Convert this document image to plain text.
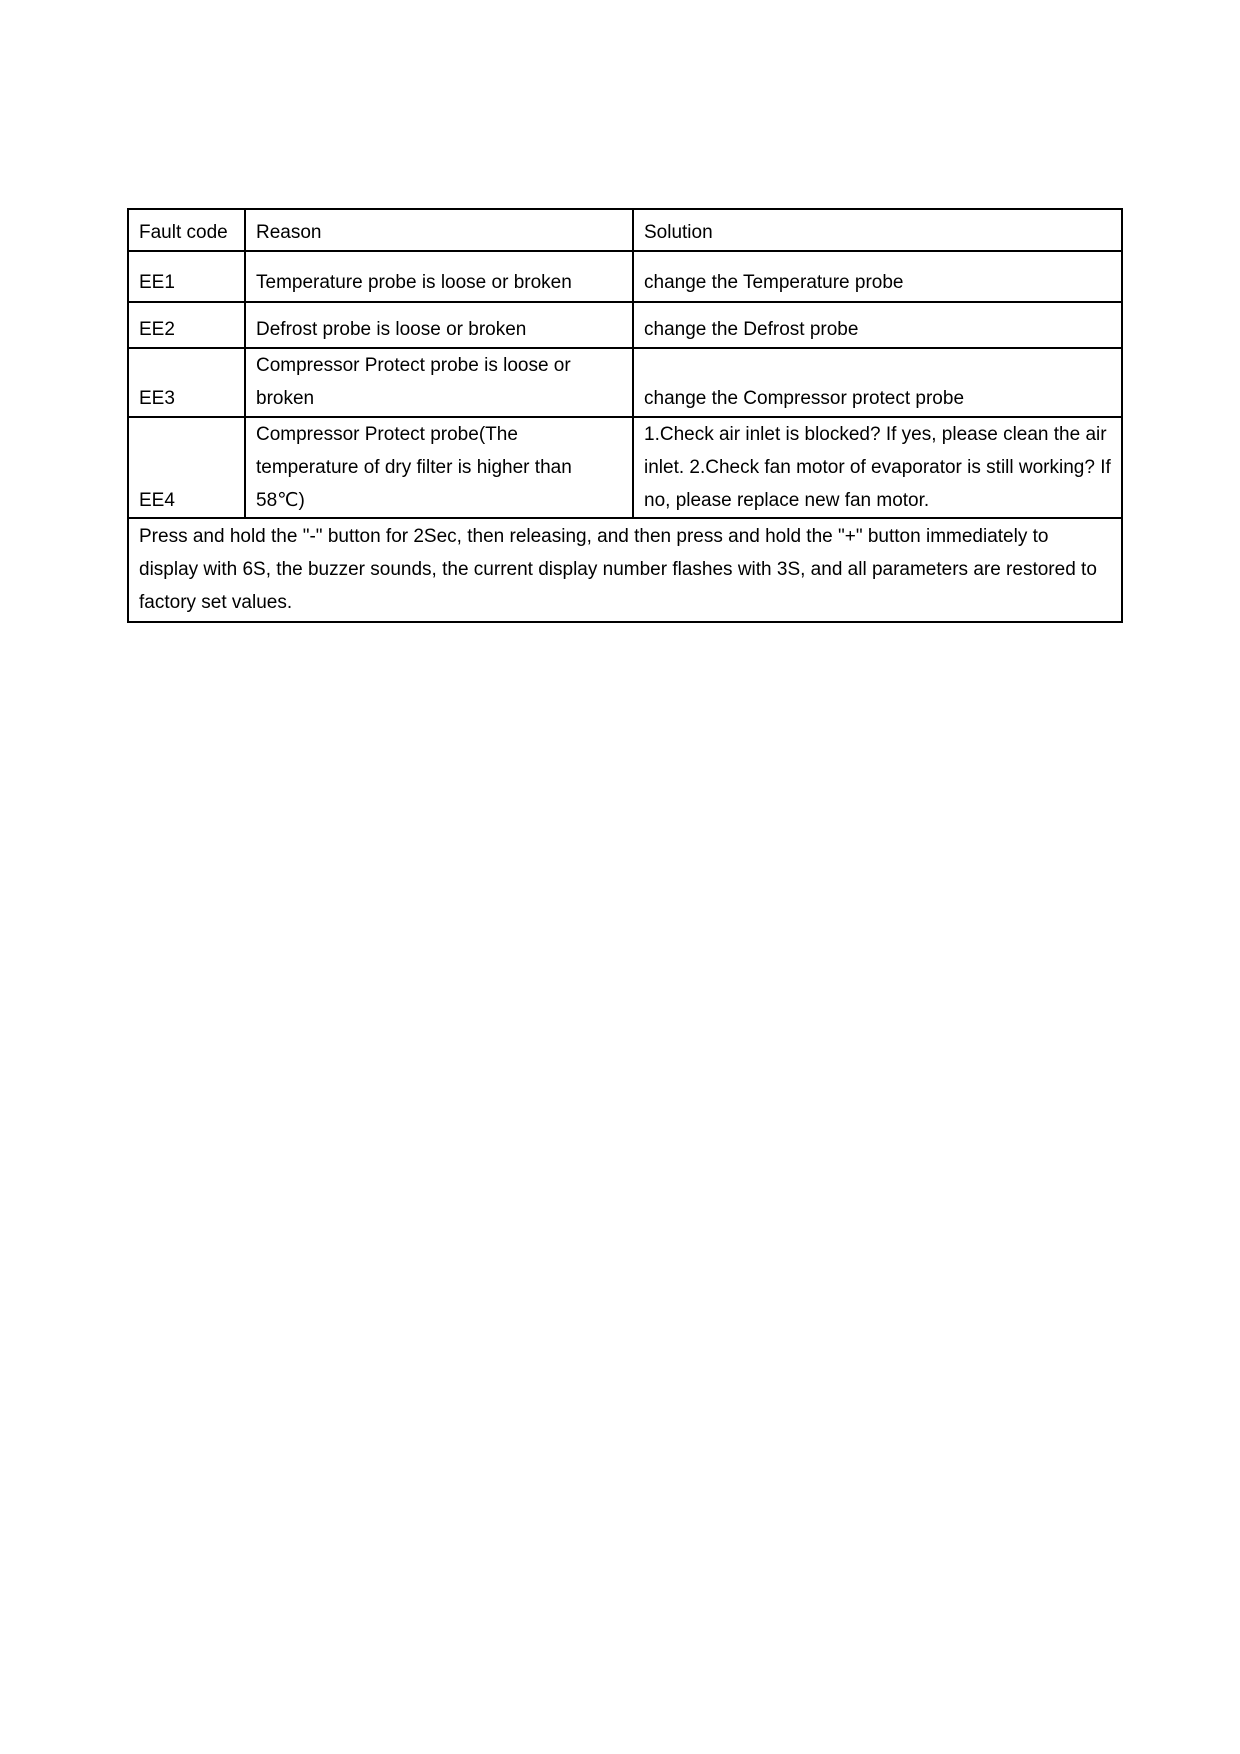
Fault code	Reason	Solution
EE1	Temperature probe is loose or broken	change the Temperature probe
EE2	Defrost probe is loose or broken	change the Defrost probe
EE3	Compressor Protect probe is loose or broken	change the Compressor protect probe
EE4	Compressor Protect probe(The temperature of dry filter is higher than 58℃)	1.Check air inlet is blocked? If yes, please clean the air inlet. 2.Check fan motor of evaporator is still working? If no, please replace new fan motor.
Press and hold the "-" button for 2Sec, then releasing, and then press and hold the "+" button immediately to display with 6S, the buzzer sounds, the current display number flashes with 3S, and all parameters are restored to factory set values.		
